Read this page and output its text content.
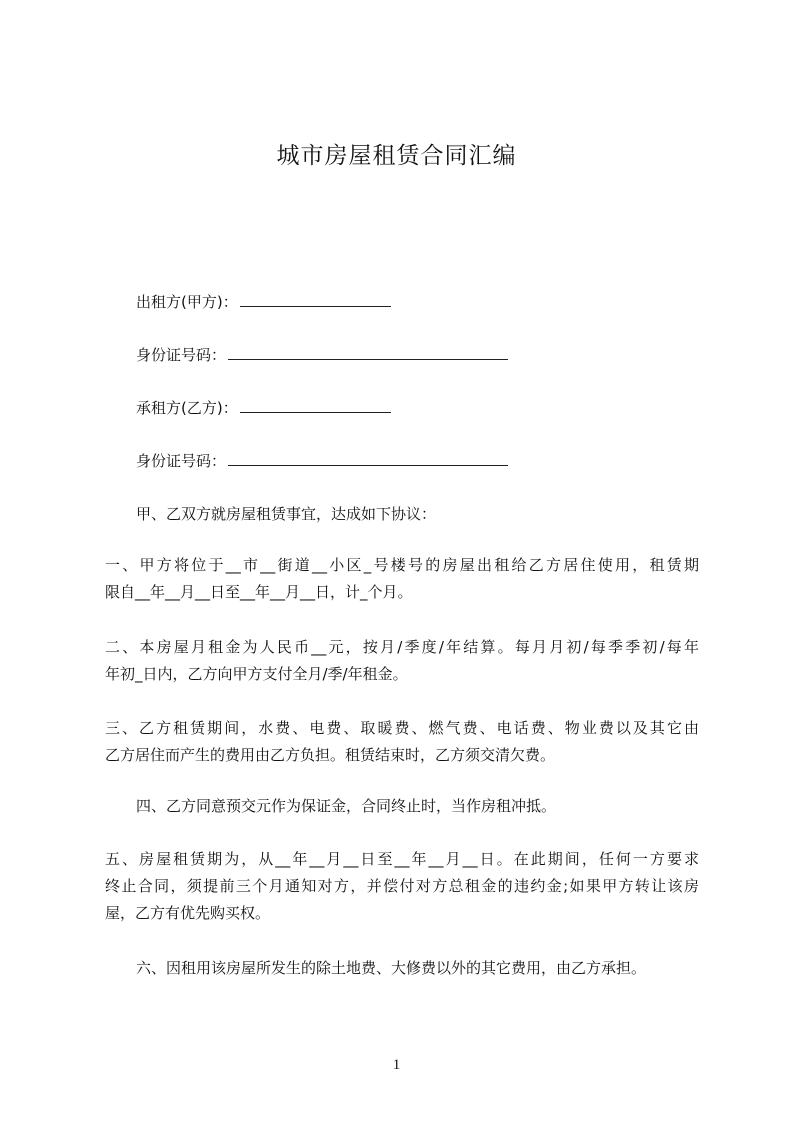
城市房屋租赁合同汇编
出租方(甲方)：
身份证号码：
承租方(乙方)：
身份证号码：

甲、乙双方就房屋租赁事宜，达成如下协议：

一、甲方将位于__市__街道__小区_号楼号的房屋出租给乙方居住使用，租赁期
限自__年__月__日至__年__月__日，计_个月。
二、本房屋月租金为人民币__元，按月/季度/年结算。每月月初/每季季初/每年
年初_日内，乙方向甲方支付全月/季/年租金。
三、乙方租赁期间，水费、电费、取暖费、燃气费、电话费、物业费以及其它由
乙方居住而产生的费用由乙方负担。租赁结束时，乙方须交清欠费。

四、乙方同意预交元作为保证金，合同终止时，当作房租冲抵。

五、房屋租赁期为，从__年__月__日至__年__月__日。在此期间，任何一方要求
终止合同，须提前三个月通知对方，并偿付对方总租金的违约金;如果甲方转让该房
屋，乙方有优先购买权。

六、因租用该房屋所发生的除土地费、大修费以外的其它费用，由乙方承担。

1
